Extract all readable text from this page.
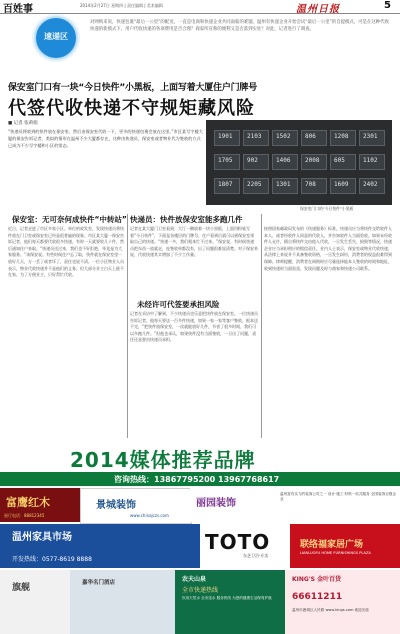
百姓事	2014年2月27日 星期四 | 责任编辑 | 美术编辑	温州日报	5
速递区
对网购来说，快递包裹“最后一公里”的配送，一直是电商和快递企业共同面临的难题。温州有快递企业开始尝试“最后一公里”的自提模式，可是在这种代收快递的新模式下，用户代收快递的各项费用是否合理？商家所宣称的便利又是否落到实处？对此，记者进行了调查。
保安室门口有一块“今日快件”小黑板，上面写着大厦住户门牌号
代签代收快递不守规矩藏风险
■ 记者 张莉娟
“快递员将收到的快件放在保安室，然后由保安室代收一下，更多的快递包裹会放在这里。”市区某写字楼大厦的保安告诉记者，类似的情形在温州不少大厦都存在，这种由快递员、保安室或者物业代为签收的方式已成为不少写字楼和小区的常态。
1901 2103 1502 806	1208 2301
1705 902	1406 2008 605	1102
1807 2205 1301 708	1609 2402
保安室门口的“今日快件”小黑板
保安室：无可奈何成快件“中转站” 快递员：快件放保安室能多跑几件
未经许可代签要承担风险
近日，记者走进了市区多家小区、单位的收发室，发现快递员将快件放在门卫室或保安室已经是很普遍的现象。市区某大厦一保安告诉记者，他们每天都要代收很多快递，有时一天就要收几十件，然后通知住户来取。“快递员送过来，我们也不好拒绝，毕竟是为大家服务。”该保安说。有些时候住户忘了取，快件就在保安室里一放好几天，万一丢了或者坏了，责任也说不清。一位小区物业人员表示，物业代收快递并不是他们的义务，但大部分业主白天上班不在家，为了方便业主，只好帮忙代收。
记者在某大厦门卫室看到，大厅一侧放着一块小黑板，上面用粉笔写着“今日快件”，下面是各楼层的门牌号，住户看到后就可以到保安室领取自己的快递。“快递一多，我们根本忙不过来。”保安说，有时候快递员把东西一放就走，连签收单都没有，出了问题很难说清楚。对于保安来说，代收快递其实增加了不少工作量。
记者在采访中了解到，不少快递员也乐意把快件放在保安室。一位快递员告诉记者，他每天要送一百多件快递，如果一家一家等客户签收，根本送不完，“把快件放保安室，一次就能放好几件，节省了很多时间，我们可以多跑几件。”但他也承认，如果快件没有当面签收，一旦出了问题，责任还是要由快递员承担。
按照国家邮政局发布的《快递服务》标准，快递员应当将快件交给收件人本人，或者经收件人同意的代收人，并告知收件人当面验收。如果未经收件人允许，擅自将快件交由他人代收，一旦发生丢失、损毁等情况，快递企业应当承担相应的赔偿责任。业内人士表示，保安室或物业代收快递，从法律上来说并不具备签收资格，一旦发生纠纷，消费者的权益很难得到保障。律师提醒，消费者在网购时应尽量选择能本人签收的时间和地址，收到快递时当面验货，发现问题及时与商家和快递公司联系。
2014媒体推荐品牌
咨询热线：13867795200 13967768617
富鹰红木
展厅电话：88812345
景城装饰
www.chinajczs.com
丽园装饰
温州富有实力的装饰公司之一 设计·施工·材料一站式服务 全国装饰百强企业
温州家具市场
开发热线：0577-8619 8888
TOTO
东芝卫浴·专卖
联络福家居广场
LIANLUOFU HOME FURNISHINGS PLAZA
旗舰	嘉华名门酒店	农夫山泉
全市快递热线
饮用天然水 全市送水 服务热线 为您的健康生活保驾护航
KING'S 金叶百货
66611211
温州市鹿城区人民路 www.kings.com 欢迎光临
